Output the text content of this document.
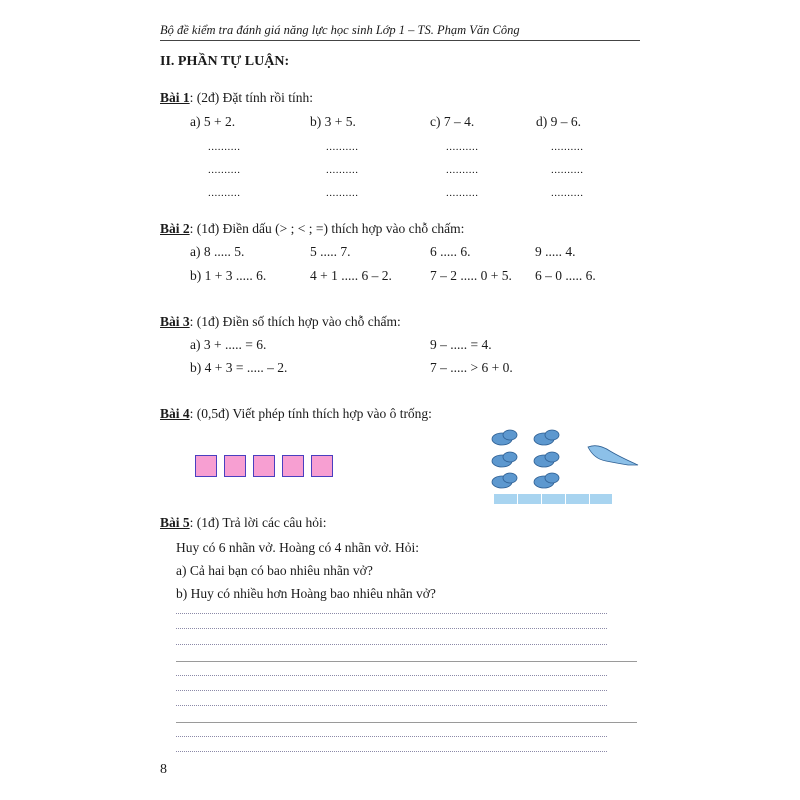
Bộ đề kiểm tra đánh giá năng lực học sinh Lớp 1 – TS. Phạm Văn Công
II. PHẦN TỰ LUẬN:
Bài 1: (2đ) Đặt tính rồi tính:
a) 5 + 2.	b) 3 + 5.	c) 7 – 4.	d) 9 – 6.
..........	..........	..........	..........
..........	..........	..........	..........
..........	..........	..........	..........
Bài 2: (1đ) Điền dấu (> ; < ; =) thích hợp vào chỗ chấm:
a) 8 ..... 5.	5 ..... 7.	6 ..... 6.	9 ..... 4.
b) 1 + 3 ..... 6.	4 + 1 ..... 6 – 2.	7 – 2 ..... 0 + 5. 6 – 0 ..... 6.
Bài 3: (1đ) Điền số thích hợp vào chỗ chấm:
a) 3 + ..... = 6.	9 – ..... = 4.
b) 4 + 3 = ..... – 2.	7 – ..... > 6 + 0.
Bài 4: (0,5đ) Viết phép tính thích hợp vào ô trống:
Bài 5: (1đ) Trả lời các câu hỏi:
Huy có 6 nhãn vở. Hoàng có 4 nhãn vở. Hỏi:
a) Cả hai bạn có bao nhiêu nhãn vở?
b) Huy có nhiều hơn Hoàng bao nhiêu nhãn vở?
8
